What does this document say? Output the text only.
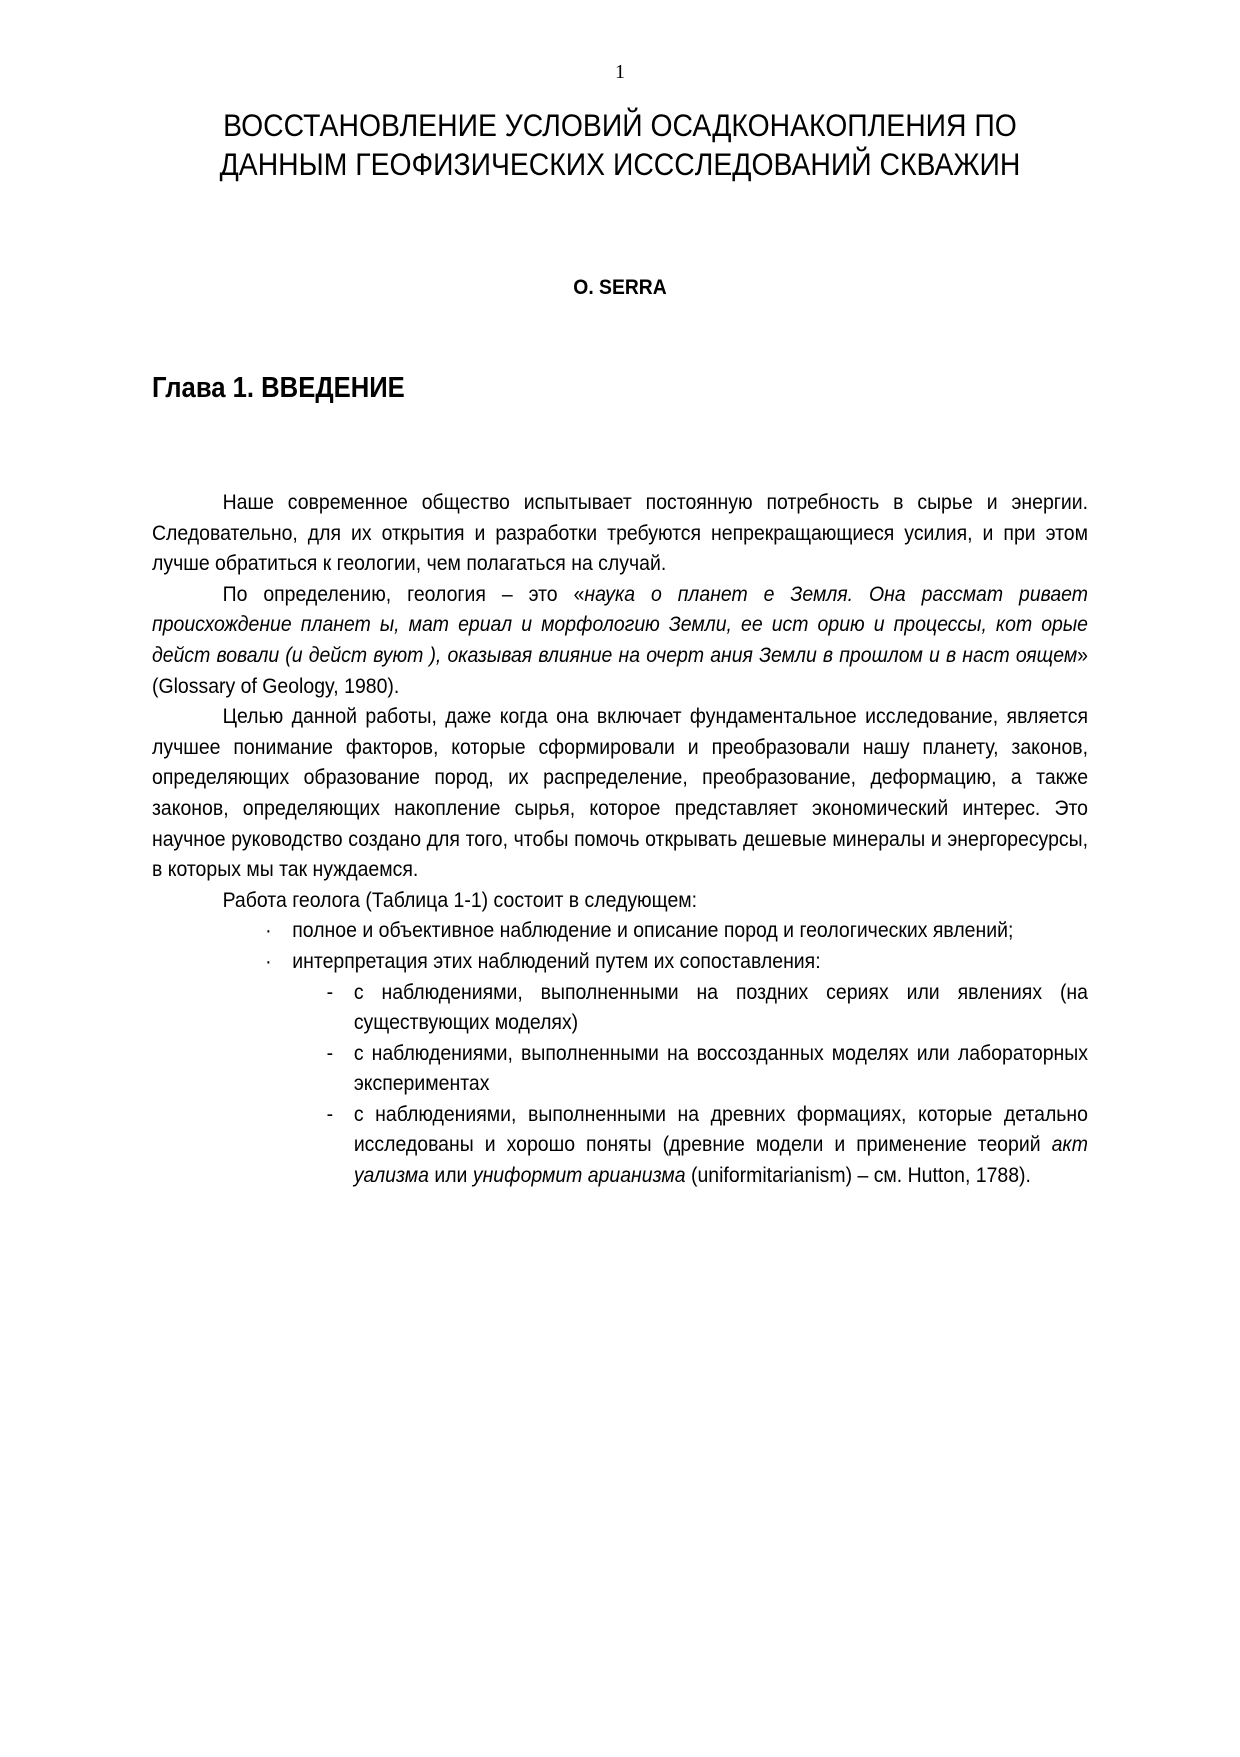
1
ВОССТАНОВЛЕНИЕ УСЛОВИЙ ОСАДКОНАКОПЛЕНИЯ ПО
ДАННЫМ ГЕОФИЗИЧЕСКИХ ИССCЛЕДОВАНИЙ СКВАЖИН
O. SERRA
Глава 1. ВВЕДЕНИЕ

Наше современное общество испытывает постоянную потребность в сырье и энергии. Следовательно, для их открытия и разработки требуются непрекращающиеся усилия, и при этом лучше обратиться к геологии, чем полагаться на случай.

По определению, геология – это «наука о планет е Земля. Она рассмат ривает происхождение планет ы, мат ериал и морфологию Земли, ее ист орию и процессы, кот орые дейст вовали (и дейст вуют ), оказывая влияние на очерт ания Земли в прошлом и в наст оящем» (Glossary of Geology, 1980).

Целью данной работы, даже когда она включает фундаментальное исследование, является лучшее понимание факторов, которые сформировали и преобразовали нашу планету, законов, определяющих образование пород, их распределение, преобразование, деформацию, а также законов, определяющих накопление сырья, которое представляет экономический интерес. Это научное руководство создано для того, чтобы помочь открывать дешевые минералы и энергоресурсы, в которых мы так нуждаемся.

Работа геолога (Таблица 1-1) состоит в следующем:

· полное и объективное наблюдение и описание пород и геологических явлений;
· интерпретация этих наблюдений путем их сопоставления:
- с наблюдениями, выполненными на поздних сериях или явлениях (на существующих моделях)
- с наблюдениями, выполненными на воссозданных моделях или лабораторных экспериментах
- с наблюдениями, выполненными на древних формациях, которые детально исследованы и хорошо поняты (древние модели и применение теорий акт уализма или униформит арианизма (uniformitarianism) – см. Hutton, 1788).
